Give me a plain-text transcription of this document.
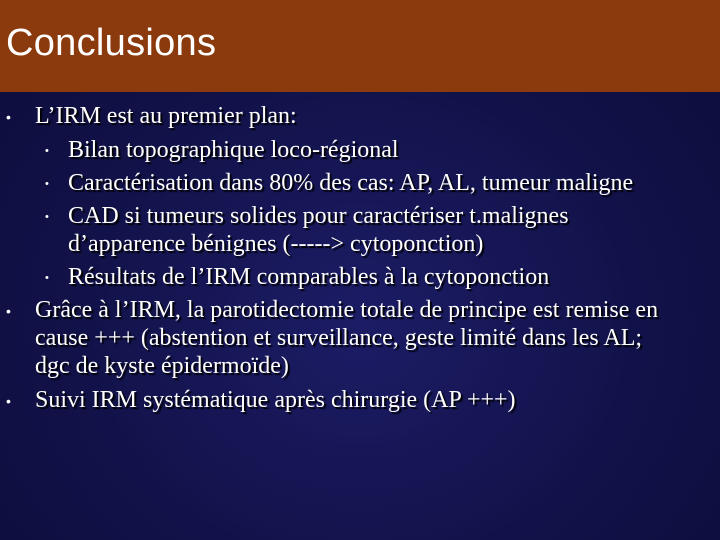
Conclusions

• L’IRM est au premier plan:

• Bilan topographique loco-régional

• Caractérisation dans 80% des cas: AP, AL, tumeur maligne

• CAD si tumeurs solides pour caractériser t.malignes d’apparence bénignes (-----> cytoponction)

• Résultats de l’IRM comparables à la cytoponction

• Grâce à l’IRM, la parotidectomie totale de principe est remise en cause +++ (abstention et surveillance, geste limité dans les AL; dgc de kyste épidermoïde)

• Suivi IRM systématique après chirurgie (AP +++)
